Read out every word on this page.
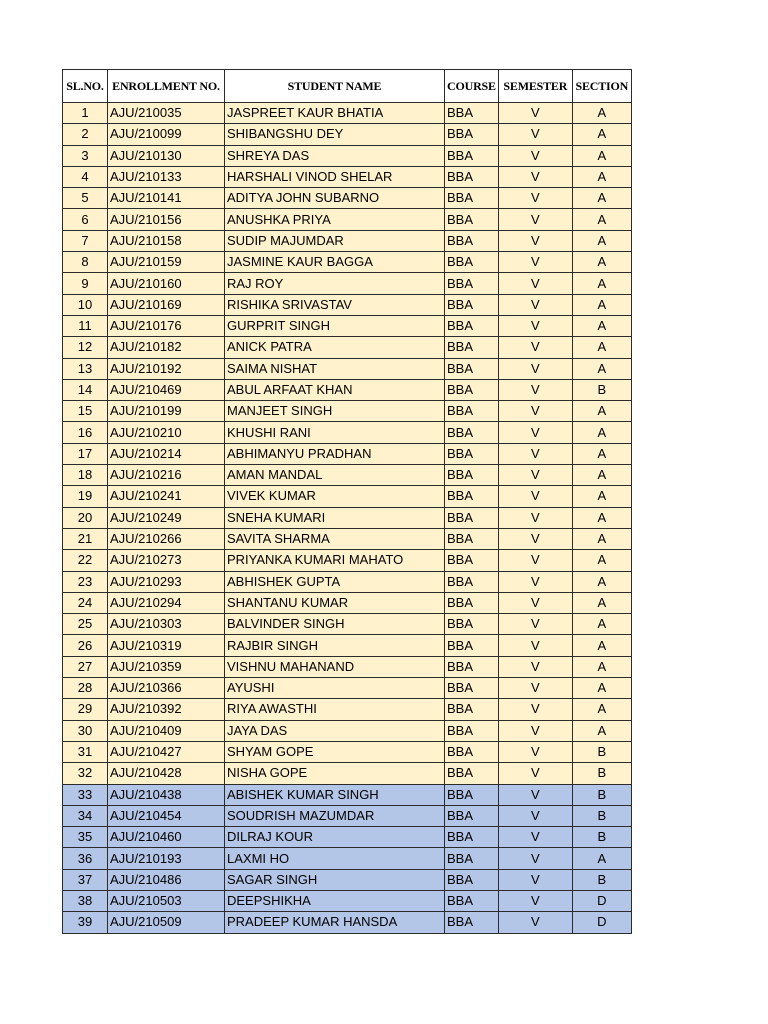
SL.NO.	ENROLLMENT NO.	STUDENT NAME	COURSE	SEMESTER	SECTION
1	AJU/210035	JASPREET KAUR BHATIA	BBA	V	A
2	AJU/210099	SHIBANGSHU DEY	BBA	V	A
3	AJU/210130	SHREYA DAS	BBA	V	A
4	AJU/210133	HARSHALI VINOD SHELAR	BBA	V	A
5	AJU/210141	ADITYA JOHN SUBARNO	BBA	V	A
6	AJU/210156	ANUSHKA PRIYA	BBA	V	A
7	AJU/210158	SUDIP MAJUMDAR	BBA	V	A
8	AJU/210159	JASMINE KAUR BAGGA	BBA	V	A
9	AJU/210160	RAJ ROY	BBA	V	A
10	AJU/210169	RISHIKA SRIVASTAV	BBA	V	A
11	AJU/210176	GURPRIT SINGH	BBA	V	A
12	AJU/210182	ANICK PATRA	BBA	V	A
13	AJU/210192	SAIMA NISHAT	BBA	V	A
14	AJU/210469	ABUL ARFAAT KHAN	BBA	V	B
15	AJU/210199	MANJEET SINGH	BBA	V	A
16	AJU/210210	KHUSHI RANI	BBA	V	A
17	AJU/210214	ABHIMANYU PRADHAN	BBA	V	A
18	AJU/210216	AMAN MANDAL	BBA	V	A
19	AJU/210241	VIVEK KUMAR	BBA	V	A
20	AJU/210249	SNEHA KUMARI	BBA	V	A
21	AJU/210266	SAVITA SHARMA	BBA	V	A
22	AJU/210273	PRIYANKA KUMARI MAHATO	BBA	V	A
23	AJU/210293	ABHISHEK GUPTA	BBA	V	A
24	AJU/210294	SHANTANU KUMAR	BBA	V	A
25	AJU/210303	BALVINDER SINGH	BBA	V	A
26	AJU/210319	RAJBIR SINGH	BBA	V	A
27	AJU/210359	VISHNU MAHANAND	BBA	V	A
28	AJU/210366	AYUSHI	BBA	V	A
29	AJU/210392	RIYA AWASTHI	BBA	V	A
30	AJU/210409	JAYA DAS	BBA	V	A
31	AJU/210427	SHYAM GOPE	BBA	V	B
32	AJU/210428	NISHA GOPE	BBA	V	B
33	AJU/210438	ABISHEK KUMAR SINGH	BBA	V	B
34	AJU/210454	SOUDRISH MAZUMDAR	BBA	V	B
35	AJU/210460	DILRAJ KOUR	BBA	V	B
36	AJU/210193	LAXMI HO	BBA	V	A
37	AJU/210486	SAGAR SINGH	BBA	V	B
38	AJU/210503	DEEPSHIKHA	BBA	V	D
39	AJU/210509	PRADEEP KUMAR HANSDA	BBA	V	D
